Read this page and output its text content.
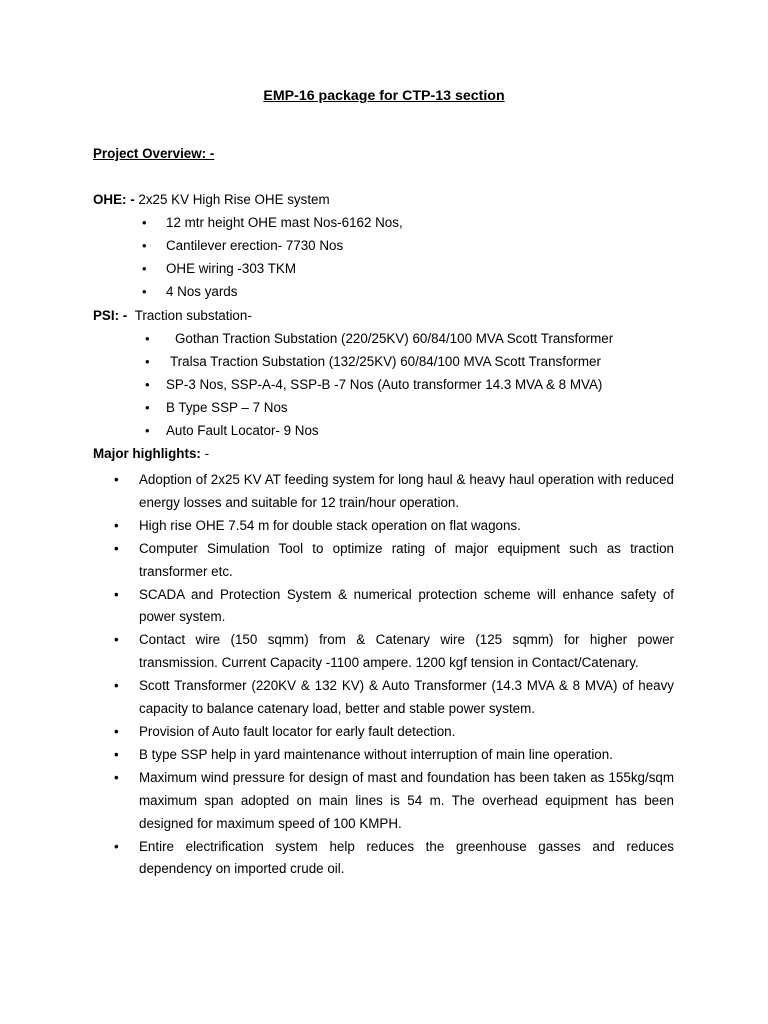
EMP-16 package for CTP-13 section
Project Overview: -
OHE: - 2x25 KV High Rise OHE system
• 12 mtr height OHE mast Nos-6162 Nos,
• Cantilever erection- 7730 Nos
• OHE wiring -303 TKM
• 4 Nos yards
PSI: - Traction substation-
• Gothan Traction Substation (220/25KV) 60/84/100 MVA Scott Transformer
• Tralsa Traction Substation (132/25KV) 60/84/100 MVA Scott Transformer
• SP-3 Nos, SSP-A-4, SSP-B -7 Nos (Auto transformer 14.3 MVA & 8 MVA)
• B Type SSP – 7 Nos
• Auto Fault Locator- 9 Nos
Major highlights: -
• Adoption of 2x25 KV AT feeding system for long haul & heavy haul operation with reduced energy losses and suitable for 12 train/hour operation.
• High rise OHE 7.54 m for double stack operation on flat wagons.
• Computer Simulation Tool to optimize rating of major equipment such as traction transformer etc.
• SCADA and Protection System & numerical protection scheme will enhance safety of power system.
• Contact wire (150 sqmm) from & Catenary wire (125 sqmm) for higher power transmission. Current Capacity -1100 ampere. 1200 kgf tension in Contact/Catenary.
• Scott Transformer (220KV & 132 KV) & Auto Transformer (14.3 MVA & 8 MVA) of heavy capacity to balance catenary load, better and stable power system.
• Provision of Auto fault locator for early fault detection.
• B type SSP help in yard maintenance without interruption of main line operation.
• Maximum wind pressure for design of mast and foundation has been taken as 155kg/sqm maximum span adopted on main lines is 54 m. The overhead equipment has been designed for maximum speed of 100 KMPH.
• Entire electrification system help reduces the greenhouse gasses and reduces dependency on imported crude oil.
